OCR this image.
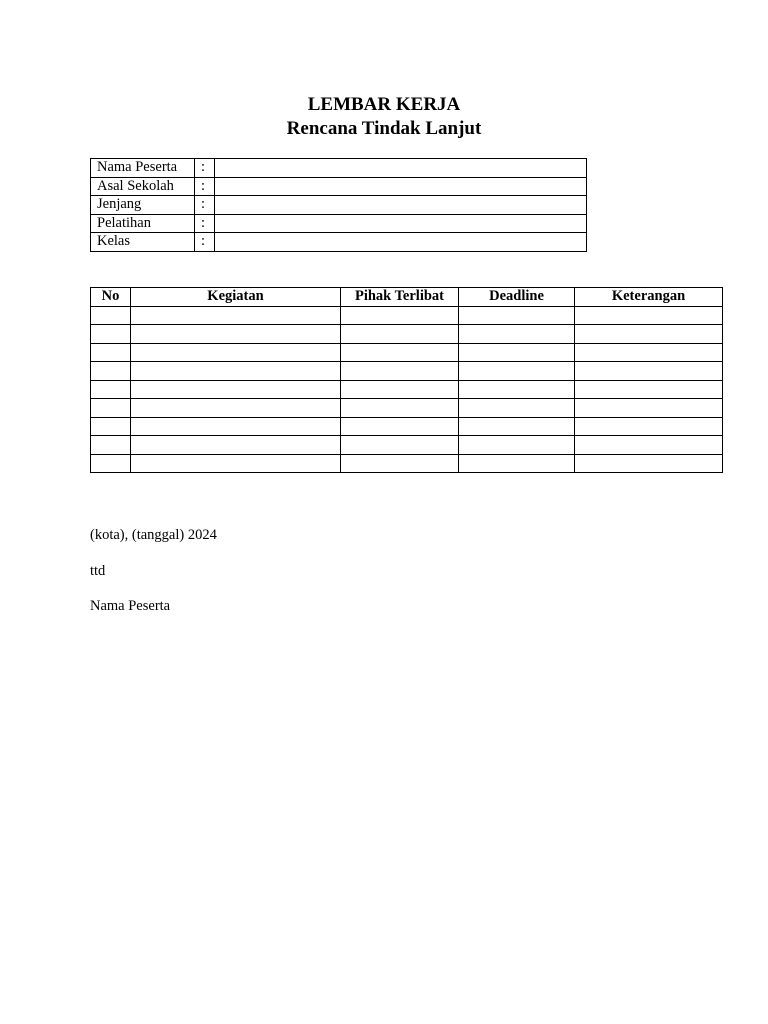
LEMBAR KERJA
Rencana Tindak Lanjut
Nama Peserta	:	
Asal Sekolah	:	
Jenjang	:	
Pelatihan	:	
Kelas	:	
No	Kegiatan	Pihak Terlibat	Deadline	Keterangan

(kota), (tanggal) 2024
ttd
Nama Peserta
